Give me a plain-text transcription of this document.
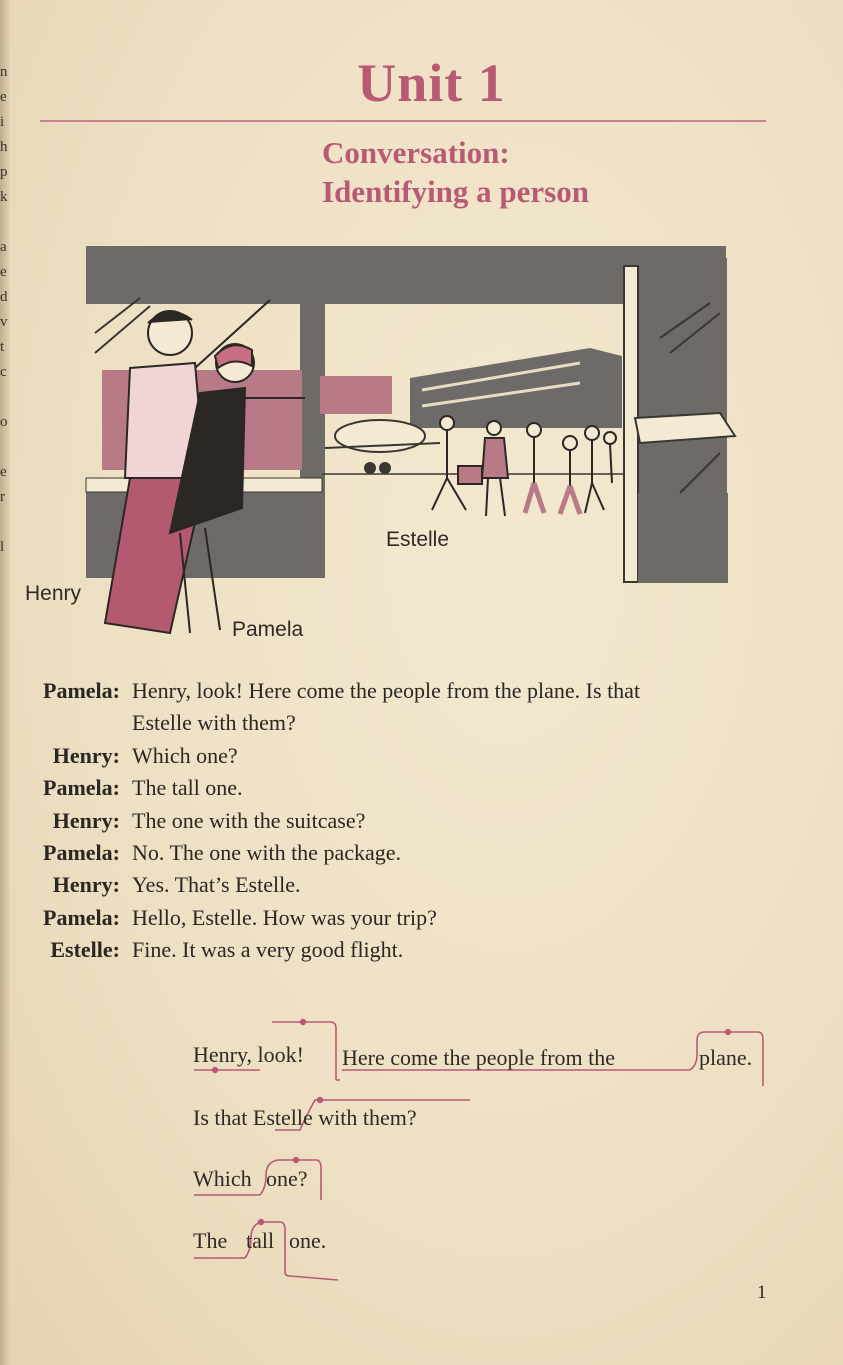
n
e
i
h
p
k
a
e
d
v
t
c
o
e
r
l
Unit 1
Conversation:
Identifying a person
Estelle
Henry
Pamela
Pamela: Henry, look! Here come the people from the plane. Is that
Estelle with them?
Henry: Which one?
Pamela: The tall one.
Henry: The one with the suitcase?
Pamela: No. The one with the package.
Henry: Yes. That’s Estelle.
Pamela: Hello, Estelle. How was your trip?
Estelle: Fine. It was a very good flight.
Henry, look! Here come the people from the	plane.
Is that Estelle with them?
Which one?
The tall one.
1
